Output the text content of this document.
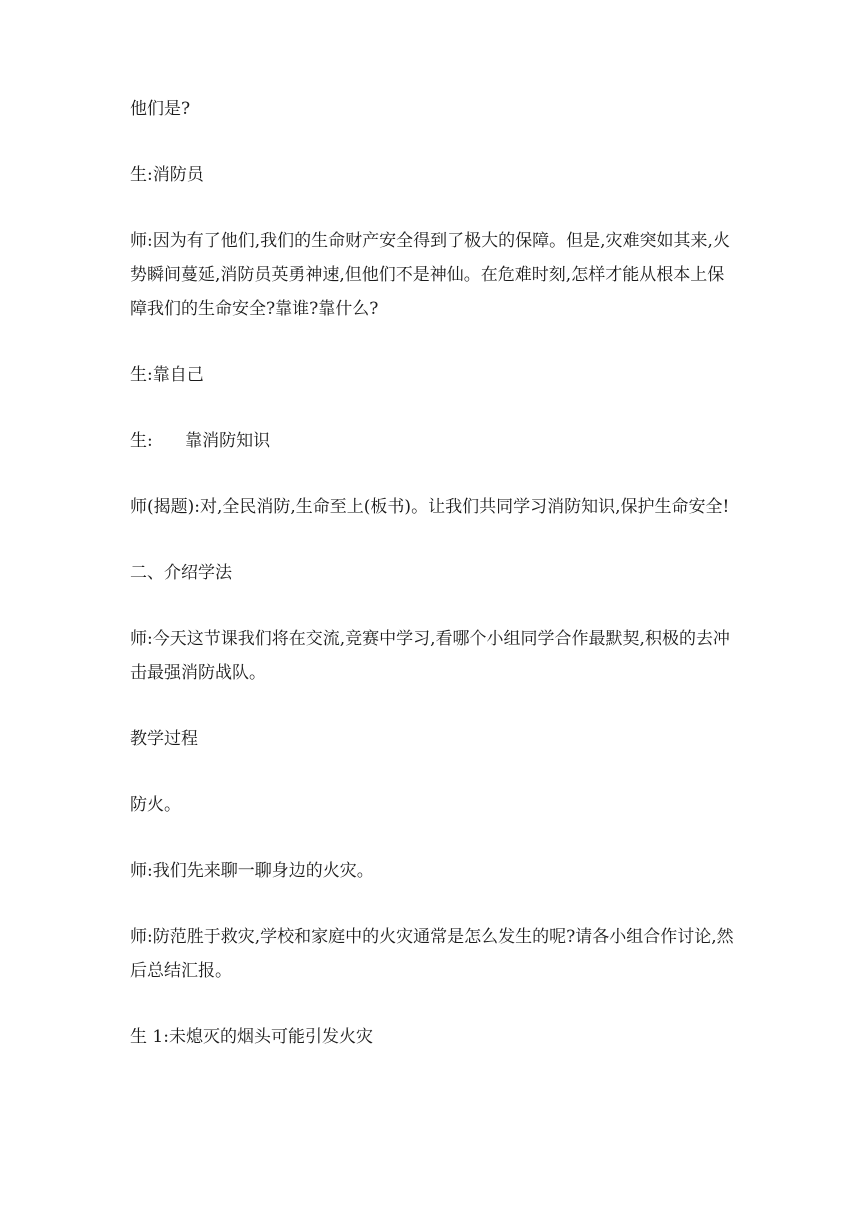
他们是?

生:消防员

师:因为有了他们,我们的生命财产安全得到了极大的保障。但是,灾难突如其来,火势瞬间蔓延,消防员英勇神速,但他们不是神仙。在危难时刻,怎样才能从根本上保障我们的生命安全?靠谁?靠什么?

生:靠自己

生:      靠消防知识

师(揭题):对,全民消防,生命至上(板书)。让我们共同学习消防知识,保护生命安全!

二、介绍学法

师:今天这节课我们将在交流,竞赛中学习,看哪个小组同学合作最默契,积极的去冲击最强消防战队。

教学过程

防火。

师:我们先来聊一聊身边的火灾。

师:防范胜于救灾,学校和家庭中的火灾通常是怎么发生的呢?请各小组合作讨论,然后总结汇报。

生 1:未熄灭的烟头可能引发火灾
